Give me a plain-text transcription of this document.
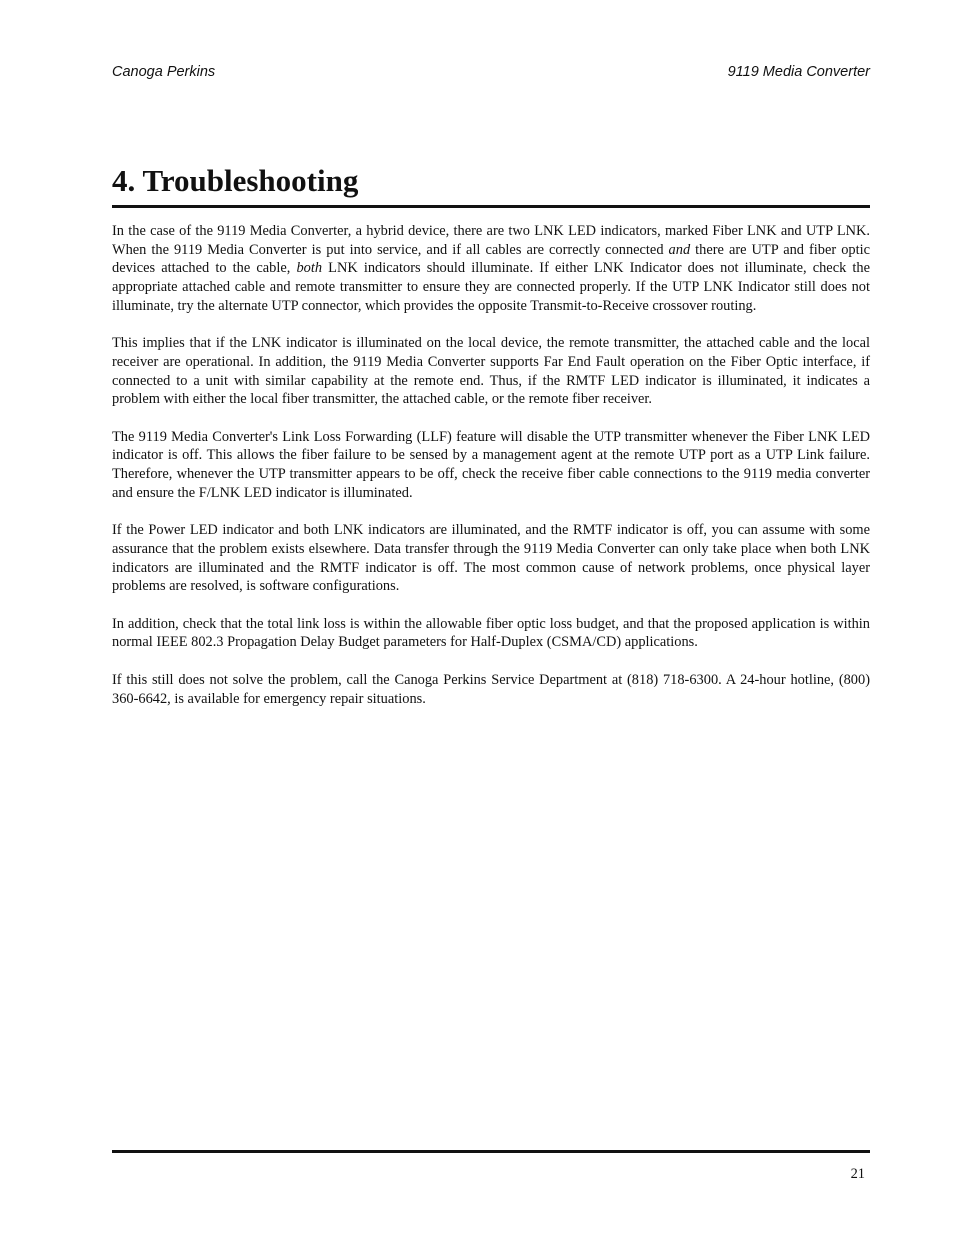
Canoga Perkins	9119 Media Converter
4. Troubleshooting

In the case of the 9119 Media Converter, a hybrid device, there are two LNK LED indicators, marked Fiber LNK and UTP LNK. When the 9119 Media Converter is put into service, and if all cables are correctly connected and there are UTP and fiber optic devices attached to the cable, both LNK indicators should illuminate. If either LNK Indicator does not illuminate, check the appropriate attached cable and remote transmitter to ensure they are connected properly. If the UTP LNK Indicator still does not illuminate, try the alternate UTP connector, which provides the opposite Transmit-to-Receive crossover routing.

This implies that if the LNK indicator is illuminated on the local device, the remote transmitter, the attached cable and the local receiver are operational. In addition, the 9119 Media Converter supports Far End Fault operation on the Fiber Optic interface, if connected to a unit with similar capability at the remote end. Thus, if the RMTF LED indicator is illuminated, it indicates a problem with either the local fiber transmitter, the attached cable, or the remote fiber receiver.

The 9119 Media Converter's Link Loss Forwarding (LLF) feature will disable the UTP transmitter whenever the Fiber LNK LED indicator is off. This allows the fiber failure to be sensed by a management agent at the remote UTP port as a UTP Link failure. Therefore, whenever the UTP transmitter appears to be off, check the receive fiber cable connections to the 9119 media converter and ensure the F/LNK LED indicator is illuminated.

If the Power LED indicator and both LNK indicators are illuminated, and the RMTF indicator is off, you can assume with some assurance that the problem exists elsewhere. Data transfer through the 9119 Media Converter can only take place when both LNK indicators are illuminated and the RMTF indicator is off. The most common cause of network problems, once physical layer problems are resolved, is software configurations.

In addition, check that the total link loss is within the allowable fiber optic loss budget, and that the proposed application is within normal IEEE 802.3 Propagation Delay Budget parameters for Half-Duplex (CSMA/CD) applications.

If this still does not solve the problem, call the Canoga Perkins Service Department at (818) 718-6300. A 24-hour hotline, (800) 360-6642, is available for emergency repair situations.

21
